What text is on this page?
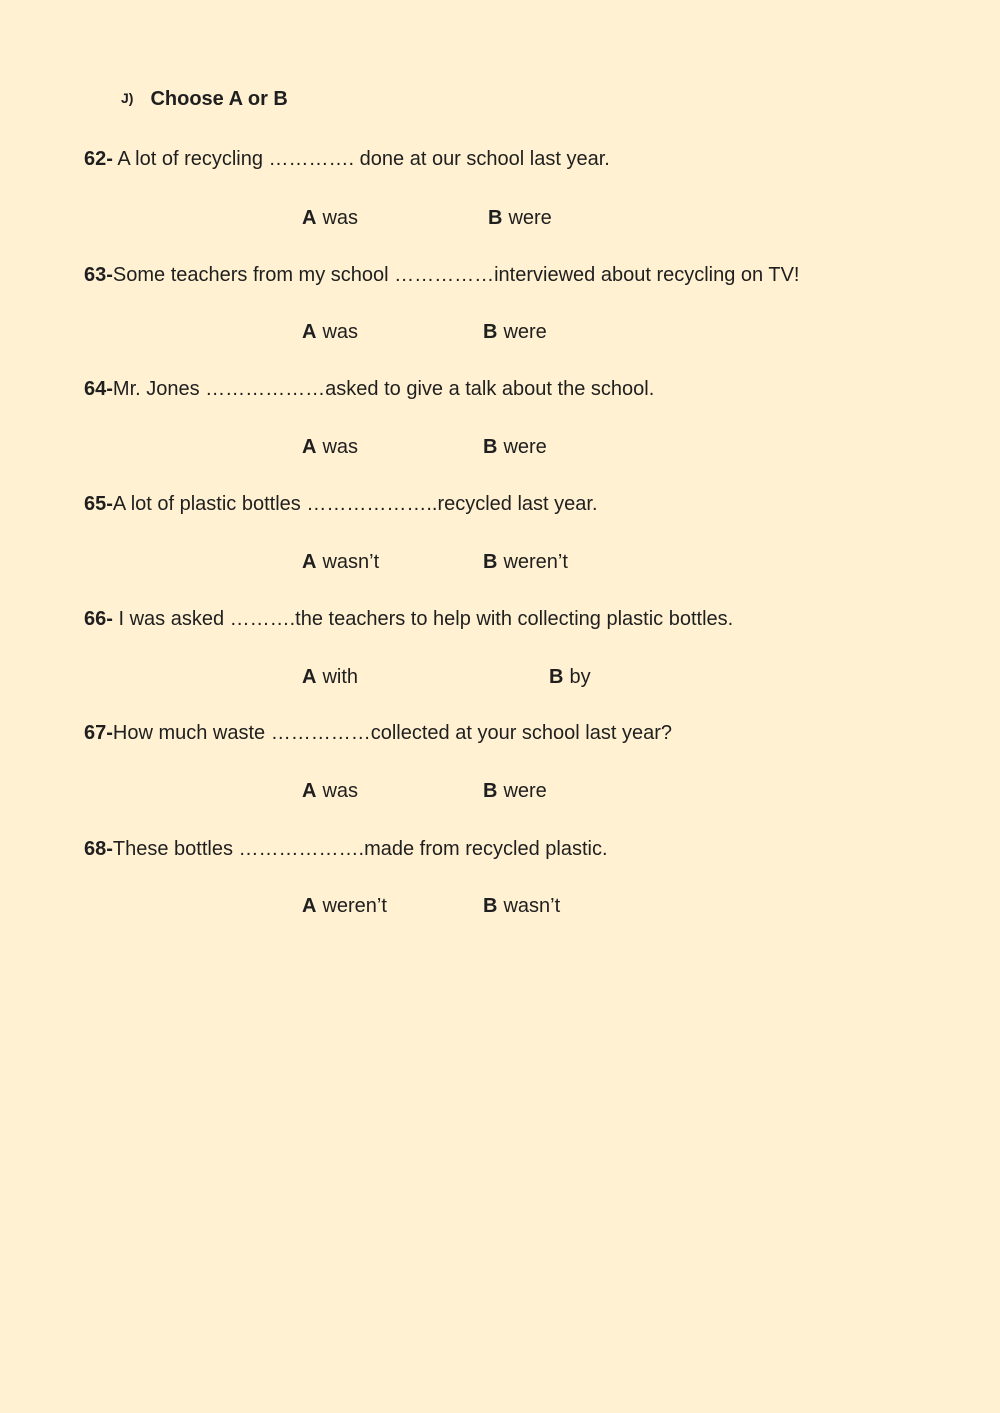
J) Choose A or B
62- A lot of recycling …………. done at our school last year.
A was	B were
63-Some teachers from my school ……………interviewed about recycling on TV!
A was	B were
64-Mr. Jones ………………asked to give a talk about the school.
A was	B were
65-A lot of plastic bottles ………………..recycled last year.
A wasn’t	B weren’t
66- I was asked ……….the teachers to help with collecting plastic bottles.
A with	B by
67-How much waste ……………collected at your school last year?
A was	B were
68-These bottles ……………….made from recycled plastic.
A weren’t	B wasn’t
